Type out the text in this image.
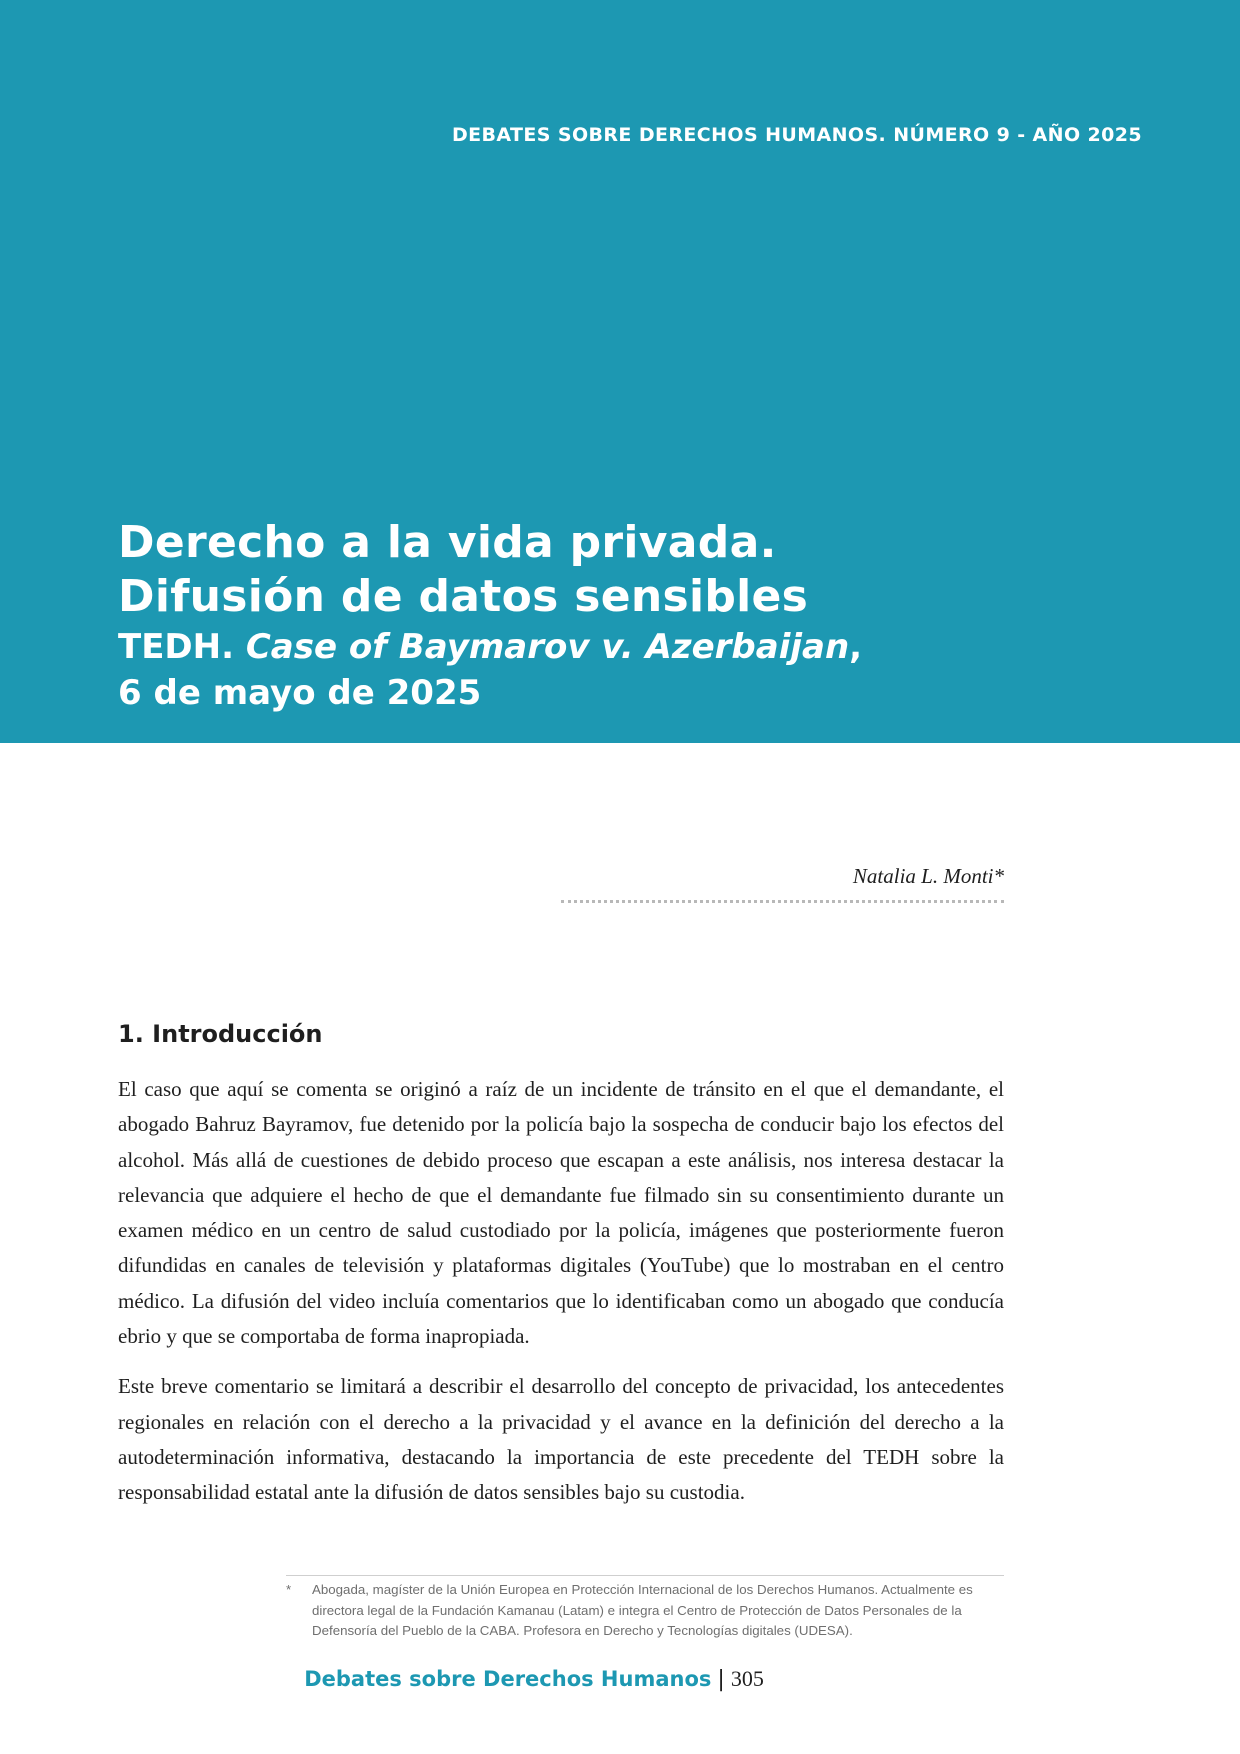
DEBATES SOBRE DERECHOS HUMANOS. NÚMERO 9 - AÑO 2025
Derecho a la vida privada.
Difusión de datos sensibles
TEDH. Case of Baymarov v. Azerbaijan,
6 de mayo de 2025
Natalia L. Monti*
1. Introducción

El caso que aquí se comenta se originó a raíz de un incidente de tránsito en el que el demandante, el abogado Bahruz Bayramov, fue detenido por la policía bajo la sospecha de conducir bajo los efectos del alcohol. Más allá de cuestiones de debido proceso que escapan a este análisis, nos interesa destacar la relevancia que adquiere el hecho de que el demandante fue filmado sin su consentimiento durante un examen médico en un centro de salud custodiado por la policía, imágenes que posteriormente fueron difundidas en canales de televisión y plataformas digitales (YouTube) que lo mostraban en el centro médico. La difusión del video incluía comentarios que lo identificaban como un abogado que conducía ebrio y que se comportaba de forma inapropiada.

Este breve comentario se limitará a describir el desarrollo del concepto de privacidad, los antecedentes regionales en relación con el derecho a la privacidad y el avance en la definición del derecho a la autodeterminación informativa, destacando la importancia de este precedente del TEDH sobre la responsabilidad estatal ante la difusión de datos sensibles bajo su custodia.

* Abogada, magíster de la Unión Europea en Protección Internacional de los Derechos Humanos. Actualmente es directora legal de la Fundación Kamanau (Latam) e integra el Centro de Protección de Datos Personales de la Defensoría del Pueblo de la CABA. Profesora en Derecho y Tecnologías digitales (UDESA).
Debates sobre Derechos Humanos | 305
